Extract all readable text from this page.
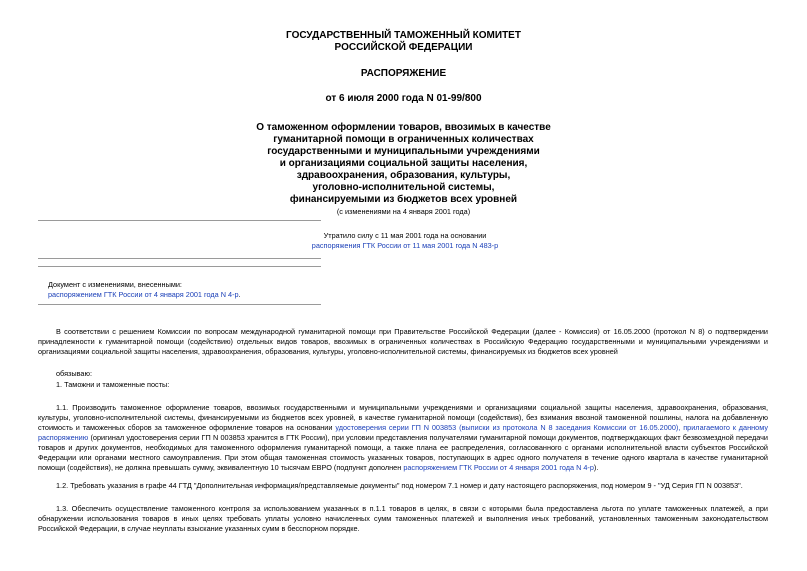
ГОСУДАРСТВЕННЫЙ ТАМОЖЕННЫЙ КОМИТЕТ
РОССИЙСКОЙ ФЕДЕРАЦИИ
РАСПОРЯЖЕНИЕ
от 6 июля 2000 года N 01-99/800
О таможенном оформлении товаров, ввозимых в качестве
гуманитарной помощи в ограниченных количествах
государственными и муниципальными учреждениями
и организациями социальной защиты населения,
здравоохранения, образования, культуры,
уголовно-исполнительной системы,
финансируемыми из бюджетов всех уровней
(с изменениями на 4 января 2001 года)
Утратило силу с 11 мая 2001 года на основании
распоряжения ГТК России от 11 мая 2001 года N 483-р
Документ с изменениями, внесенными:
распоряжением ГТК России от 4 января 2001 года N 4-р.
В соответствии с решением Комиссии по вопросам международной гуманитарной помощи при Правительстве Российской Федерации (далее - Комиссия) от 16.05.2000 (протокол N 8) о подтверждении принадлежности к гуманитарной помощи (содействию) отдельных видов товаров, ввозимых в ограниченных количествах в Российскую Федерацию государственными и муниципальными учреждениями и организациями социальной защиты населения, здравоохранения, образования, культуры, уголовно-исполнительной системы, финансируемых из бюджетов всех уровней
обязываю:
1. Таможни и таможенные посты:
1.1. Производить таможенное оформление товаров, ввозимых государственными и муниципальными учреждениями и организациями социальной защиты населения, здравоохранения, образования, культуры, уголовно-исполнительной системы, финансируемыми из бюджетов всех уровней, в качестве гуманитарной помощи (содействия), без взимания ввозной таможенной пошлины, налога на добавленную стоимость и таможенных сборов за таможенное оформление товаров на основании удостоверения серии ГП N 003853 (выписки из протокола N 8 заседания Комиссии от 16.05.2000), прилагаемого к данному распоряжению (оригинал удостоверения серии ГП N 003853 хранится в ГТК России), при условии представления получателями гуманитарной помощи документов, подтверждающих факт безвозмездной передачи товаров и других документов, необходимых для таможенного оформления гуманитарной помощи, а также плана ее распределения, согласованного с органами исполнительной власти субъектов Российской Федерации или органами местного самоуправления. При этом общая таможенная стоимость указанных товаров, поступающих в адрес одного получателя в течение одного квартала в качестве гуманитарной помощи (содействия), не должна превышать сумму, эквивалентную 10 тысячам ЕВРО (подпункт дополнен распоряжением ГТК России от 4 января 2001 года N 4-р).
1.2. Требовать указания в графе 44 ГТД "Дополнительная информация/представляемые документы" под номером 7.1 номер и дату настоящего распоряжения, под номером 9 - "УД Серия ГП N 003853".
1.3. Обеспечить осуществление таможенного контроля за использованием указанных в п.1.1 товаров в целях, в связи с которыми была предоставлена льгота по уплате таможенных платежей, а при обнаружении использования товаров в иных целях требовать уплаты условно начисленных сумм таможенных платежей и выполнения иных требований, установленных таможенным законодательством Российской Федерации, в случае неуплаты взыскание указанных сумм в бесспорном порядке.
